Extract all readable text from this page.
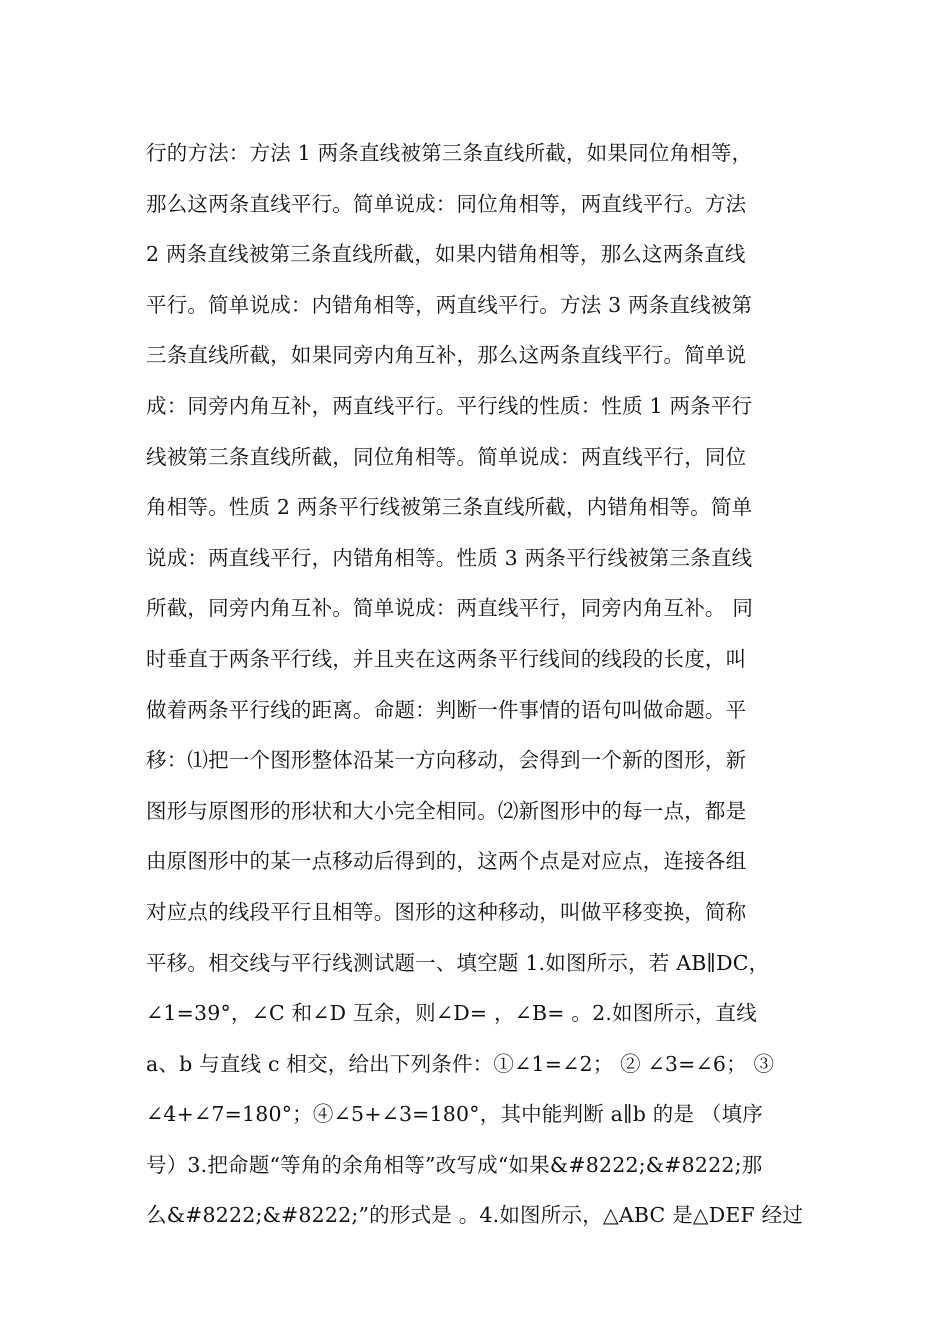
行的方法：方法 1 两条直线被第三条直线所截，如果同位角相等，
那么这两条直线平行。简单说成：同位角相等，两直线平行。方法
2 两条直线被第三条直线所截，如果内错角相等，那么这两条直线
平行。简单说成：内错角相等，两直线平行。方法 3 两条直线被第
三条直线所截，如果同旁内角互补，那么这两条直线平行。简单说
成：同旁内角互补，两直线平行。平行线的性质：性质 1 两条平行
线被第三条直线所截，同位角相等。简单说成：两直线平行，同位
角相等。性质 2 两条平行线被第三条直线所截，内错角相等。简单
说成：两直线平行，内错角相等。性质 3 两条平行线被第三条直线
所截，同旁内角互补。简单说成：两直线平行，同旁内角互补。 同
时垂直于两条平行线，并且夹在这两条平行线间的线段的长度，叫
做着两条平行线的距离。命题：判断一件事情的语句叫做命题。平
移：⑴把一个图形整体沿某一方向移动，会得到一个新的图形，新
图形与原图形的形状和大小完全相同。⑵新图形中的每一点，都是
由原图形中的某一点移动后得到的，这两个点是对应点，连接各组
对应点的线段平行且相等。图形的这种移动，叫做平移变换，简称
平移。相交线与平行线测试题一、填空题 1.如图所示，若 AB∥DC，
∠1=39°，∠C 和∠D 互余，则∠D= ，∠B= 。2.如图所示，直线
a、b 与直线 c 相交，给出下列条件：①∠1=∠2； ② ∠3=∠6； ③
∠4+∠7=180°；④∠5+∠3=180°，其中能判断 a∥b 的是 （填序
号）3.把命题“等角的余角相等”改写成“如果&#8222;&#8222;那
么&#8222;&#8222;”的形式是 。4.如图所示，△ABC 是△DEF 经过
